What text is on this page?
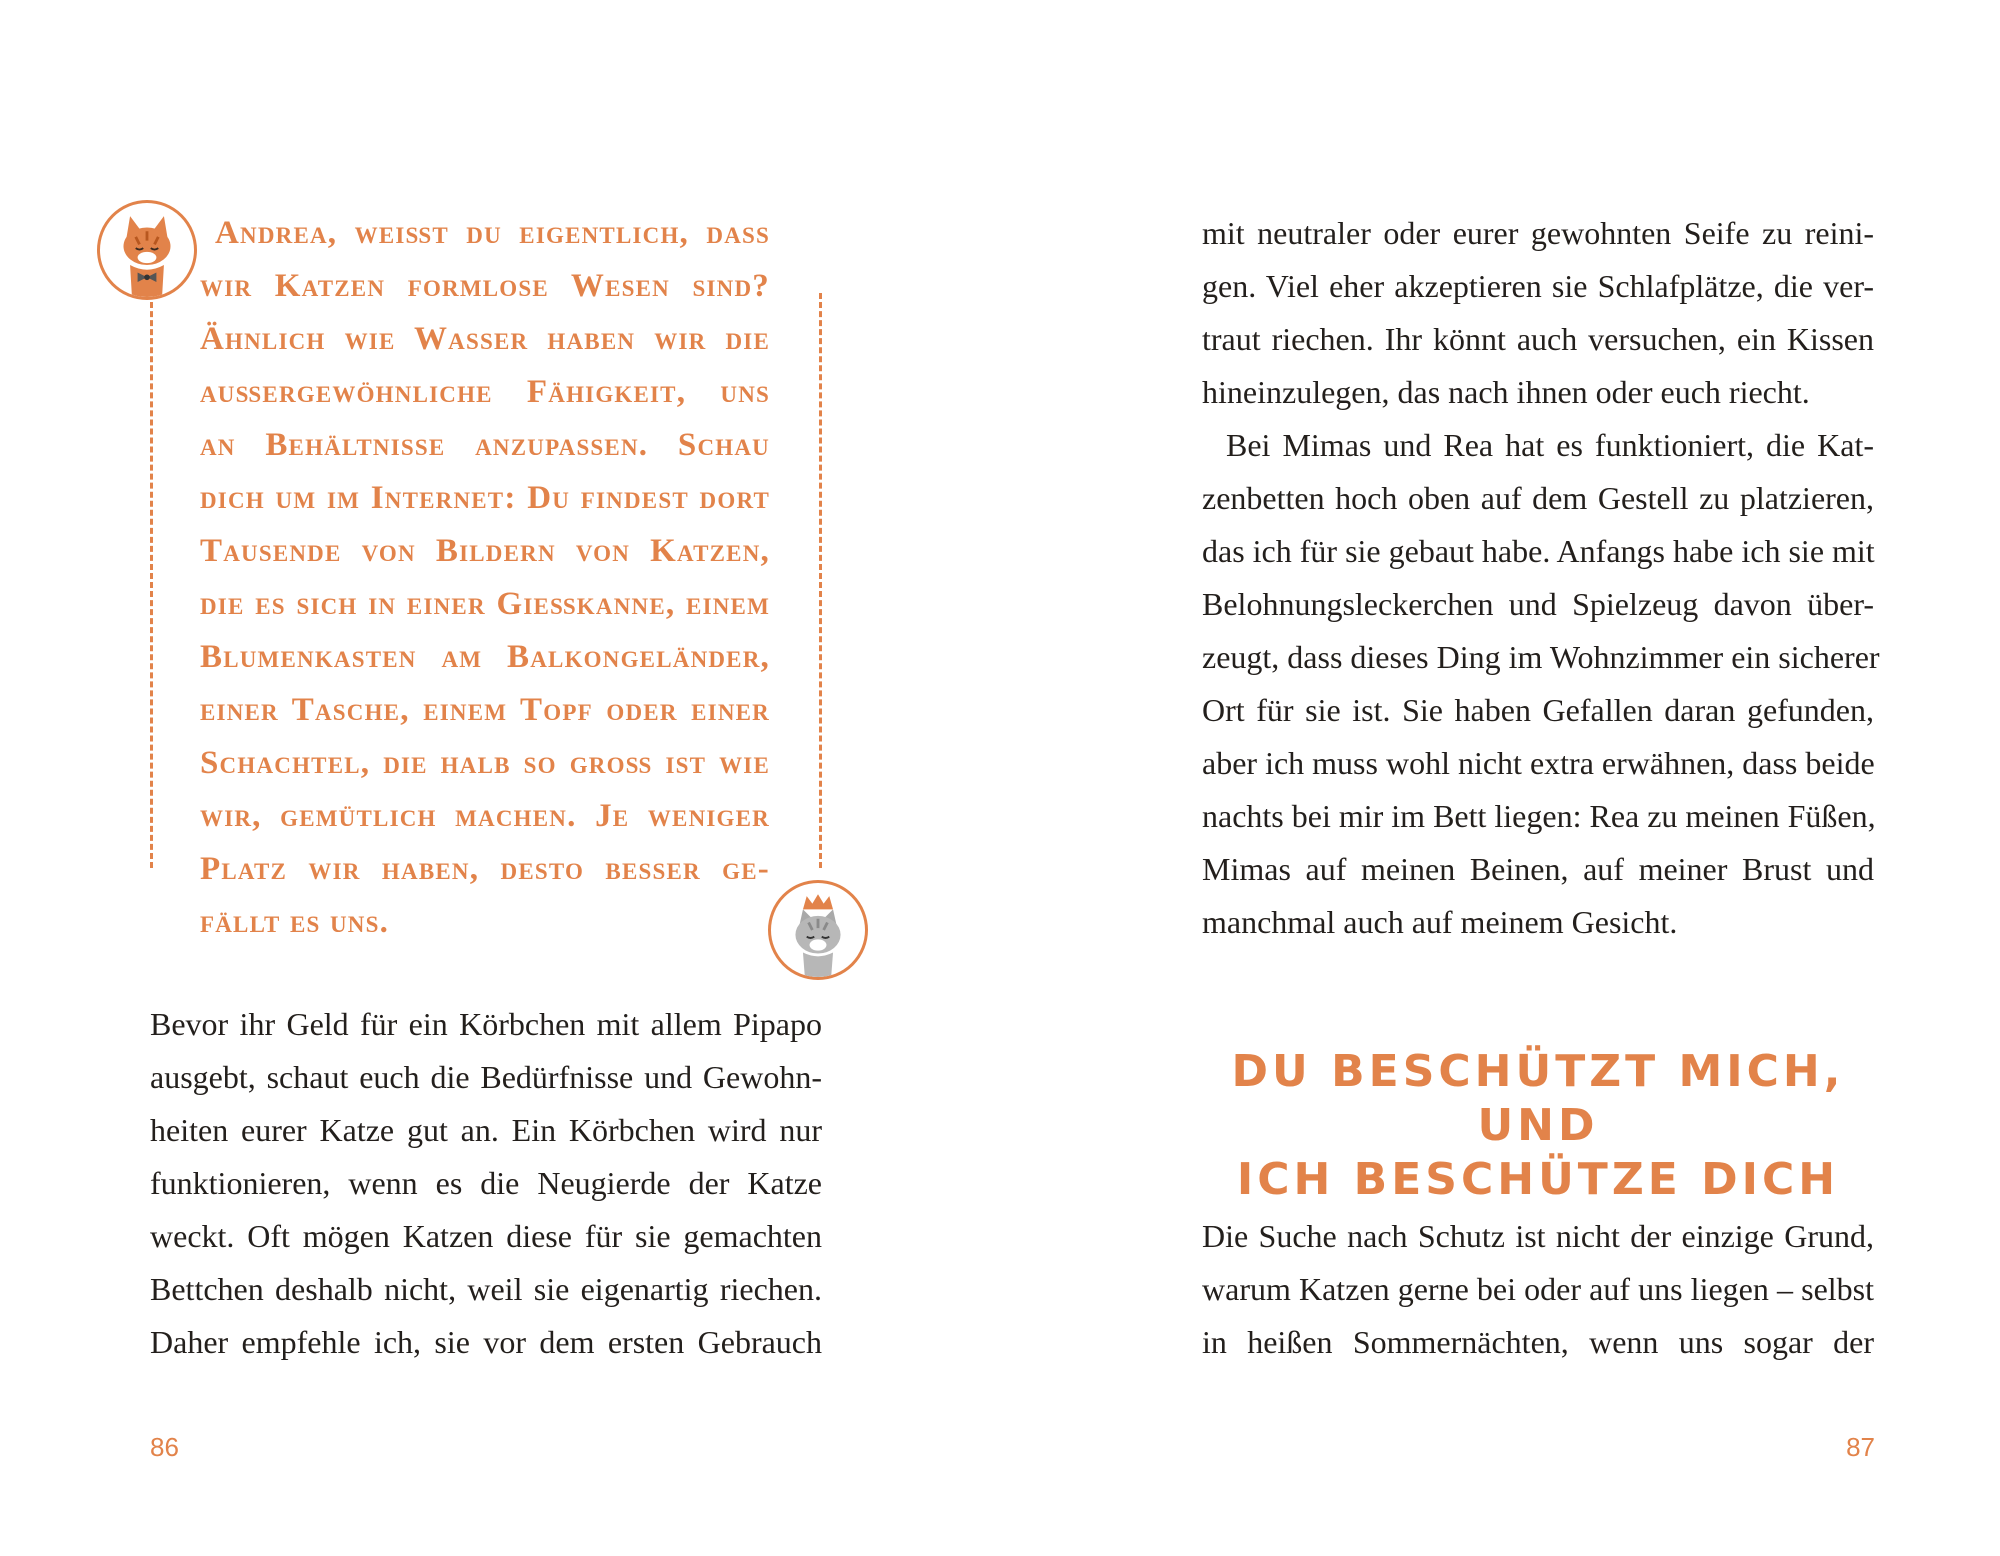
Andrea, weißt du eigentlich, dass
wir Katzen formlose Wesen sind?
Ähnlich wie Wasser haben wir die
außergewöhnliche Fähigkeit, uns
an Behältnisse anzupassen. Schau
dich um im Internet: Du findest dort
Tausende von Bildern von Katzen,
die es sich in einer Gießkanne, einem
Blumenkasten am Balkongeländer,
einer Tasche, einem Topf oder einer
Schachtel, die halb so groß ist wie
wir, gemütlich machen. Je weniger
Platz wir haben, desto besser ge-
fällt es uns.
Bevor ihr Geld für ein Körbchen mit allem Pipapo
ausgebt, schaut euch die Bedürfnisse und Gewohn-
heiten eurer Katze gut an. Ein Körbchen wird nur
funktionieren, wenn es die Neugierde der Katze
weckt. Oft mögen Katzen diese für sie gemachten
Bettchen deshalb nicht, weil sie eigenartig riechen.
Daher empfehle ich, sie vor dem ersten Gebrauch
86
mit neutraler oder eurer gewohnten Seife zu reini-
gen. Viel eher akzeptieren sie Schlafplätze, die ver-
traut riechen. Ihr könnt auch versuchen, ein Kissen
hineinzulegen, das nach ihnen oder euch riecht.
Bei Mimas und Rea hat es funktioniert, die Kat-
zenbetten hoch oben auf dem Gestell zu platzieren,
das ich für sie gebaut habe. Anfangs habe ich sie mit
Belohnungsleckerchen und Spielzeug davon über-
zeugt, dass dieses Ding im Wohnzimmer ein sicherer
Ort für sie ist. Sie haben Gefallen daran gefunden,
aber ich muss wohl nicht extra erwähnen, dass beide
nachts bei mir im Bett liegen: Rea zu meinen Füßen,
Mimas auf meinen Beinen, auf meiner Brust und
manchmal auch auf meinem Gesicht.
DU BESCHÜTZT MICH, UND
ICH BESCHÜTZE DICH
Die Suche nach Schutz ist nicht der einzige Grund,
warum Katzen gerne bei oder auf uns liegen – selbst
in heißen Sommernächten, wenn uns sogar der
87
